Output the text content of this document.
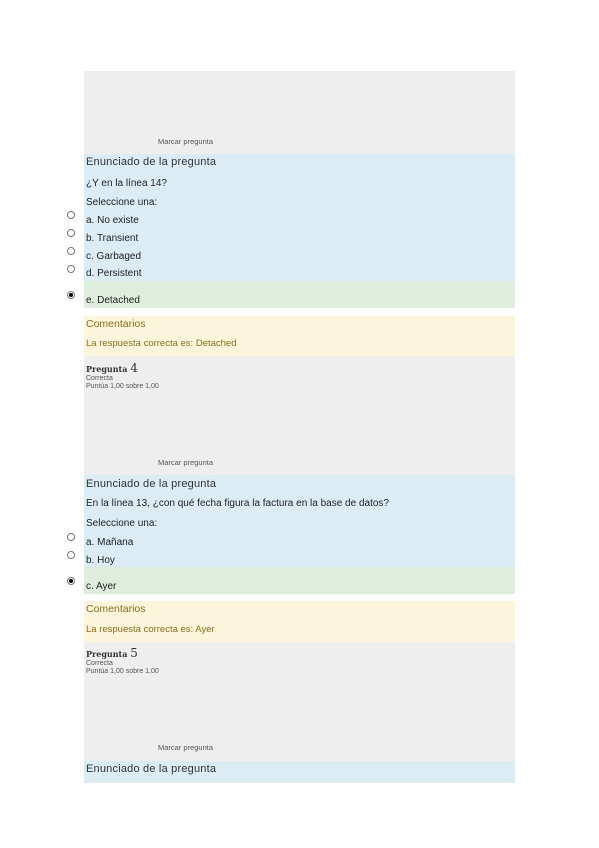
Marcar pregunta
Enunciado de la pregunta
¿Y en la línea 14?
Seleccione una:
a. No existe
b. Transient
c. Garbaged
d. Persistent
e. Detached
Comentarios
La respuesta correcta es: Detached
Pregunta 4
Correcta
Puntúa 1,00 sobre 1,00
Marcar pregunta
Enunciado de la pregunta
En la línea 13, ¿con qué fecha figura la factura en la base de datos?
Seleccione una:
a. Mañana
b. Hoy
c. Ayer
Comentarios
La respuesta correcta es: Ayer
Pregunta 5
Correcta
Puntúa 1,00 sobre 1,00
Marcar pregunta
Enunciado de la pregunta
